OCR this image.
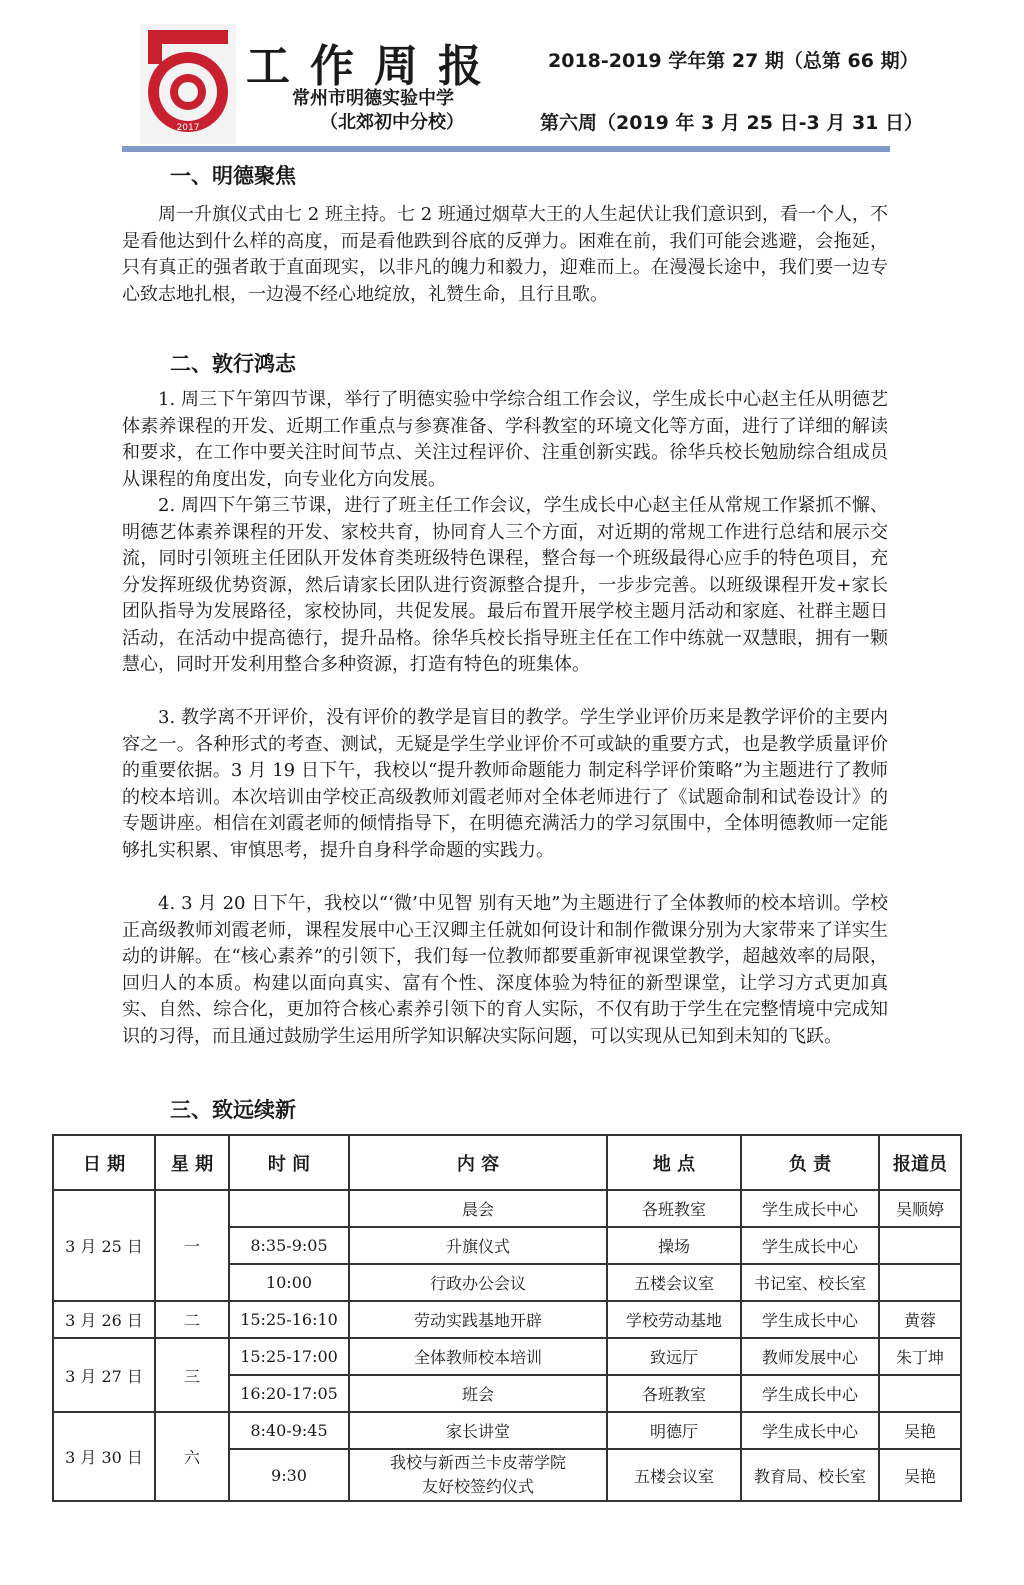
2017
工作周报 2018-2019 学年第 27 期（总第 66 期）
常州市明德实验中学
（北郊初中分校）	第六周（2019 年 3 月 25 日-3 月 31 日）
一、明德聚焦

周一升旗仪式由七 2 班主持。七 2 班通过烟草大王的人生起伏让我们意识到，看一个人，不是看他达到什么样的高度，而是看他跌到谷底的反弹力。困难在前，我们可能会逃避，会拖延，只有真正的强者敢于直面现实，以非凡的魄力和毅力，迎难而上。在漫漫长途中，我们要一边专心致志地扎根，一边漫不经心地绽放，礼赞生命，且行且歌。

二、敦行鸿志

1. 周三下午第四节课，举行了明德实验中学综合组工作会议，学生成长中心赵主任从明德艺体素养课程的开发、近期工作重点与参赛准备、学科教室的环境文化等方面，进行了详细的解读和要求，在工作中要关注时间节点、关注过程评价、注重创新实践。徐华兵校长勉励综合组成员从课程的角度出发，向专业化方向发展。

2. 周四下午第三节课，进行了班主任工作会议，学生成长中心赵主任从常规工作紧抓不懈、明德艺体素养课程的开发、家校共育，协同育人三个方面，对近期的常规工作进行总结和展示交流，同时引领班主任团队开发体育类班级特色课程，整合每一个班级最得心应手的特色项目，充分发挥班级优势资源，然后请家长团队进行资源整合提升，一步步完善。以班级课程开发+家长团队指导为发展路径，家校协同，共促发展。最后布置开展学校主题月活动和家庭、社群主题日活动，在活动中提高德行，提升品格。徐华兵校长指导班主任在工作中练就一双慧眼，拥有一颗慧心，同时开发利用整合多种资源，打造有特色的班集体。

3. 教学离不开评价，没有评价的教学是盲目的教学。学生学业评价历来是教学评价的主要内容之一。各种形式的考查、测试，无疑是学生学业评价不可或缺的重要方式，也是教学质量评价的重要依据。3 月 19 日下午，我校以“提升教师命题能力 制定科学评价策略”为主题进行了教师的校本培训。本次培训由学校正高级教师刘霞老师对全体老师进行了《试题命制和试卷设计》的专题讲座。相信在刘霞老师的倾情指导下，在明德充满活力的学习氛围中，全体明德教师一定能够扎实积累、审慎思考，提升自身科学命题的实践力。

4. 3 月 20 日下午，我校以“‘微’中见智 别有天地”为主题进行了全体教师的校本培训。学校正高级教师刘霞老师，课程发展中心王汉卿主任就如何设计和制作微课分别为大家带来了详实生动的讲解。在“核心素养”的引领下，我们每一位教师都要重新审视课堂教学，超越效率的局限，回归人的本质。构建以面向真实、富有个性、深度体验为特征的新型课堂，让学习方式更加真实、自然、综合化，更加符合核心素养引领下的育人实际，不仅有助于学生在完整情境中完成知识的习得，而且通过鼓励学生运用所学知识解决实际问题，可以实现从已知到未知的飞跃。

三、致远续新
日 期	星 期	时 间	内 容	地 点	负 责	报道员
3 月 25 日	一		晨会	各班教室	学生成长中心	吴顺婷
		8:35-9:05	升旗仪式	操场	学生成长中心	
		10:00	行政办公会议	五楼会议室	书记室、校长室	
3 月 26 日	二	15:25-16:10	劳动实践基地开辟	学校劳动基地	学生成长中心	黄蓉
3 月 27 日	三	15:25-17:00	全体教师校本培训	致远厅	教师发展中心	朱丁坤
		16:20-17:05	班会	各班教室	学生成长中心	
3 月 30 日	六	8:40-9:45	家长讲堂	明德厅	学生成长中心	吴艳
		9:30	我校与新西兰卡皮蒂学院
友好校签约仪式	五楼会议室	教育局、校长室	吴艳
